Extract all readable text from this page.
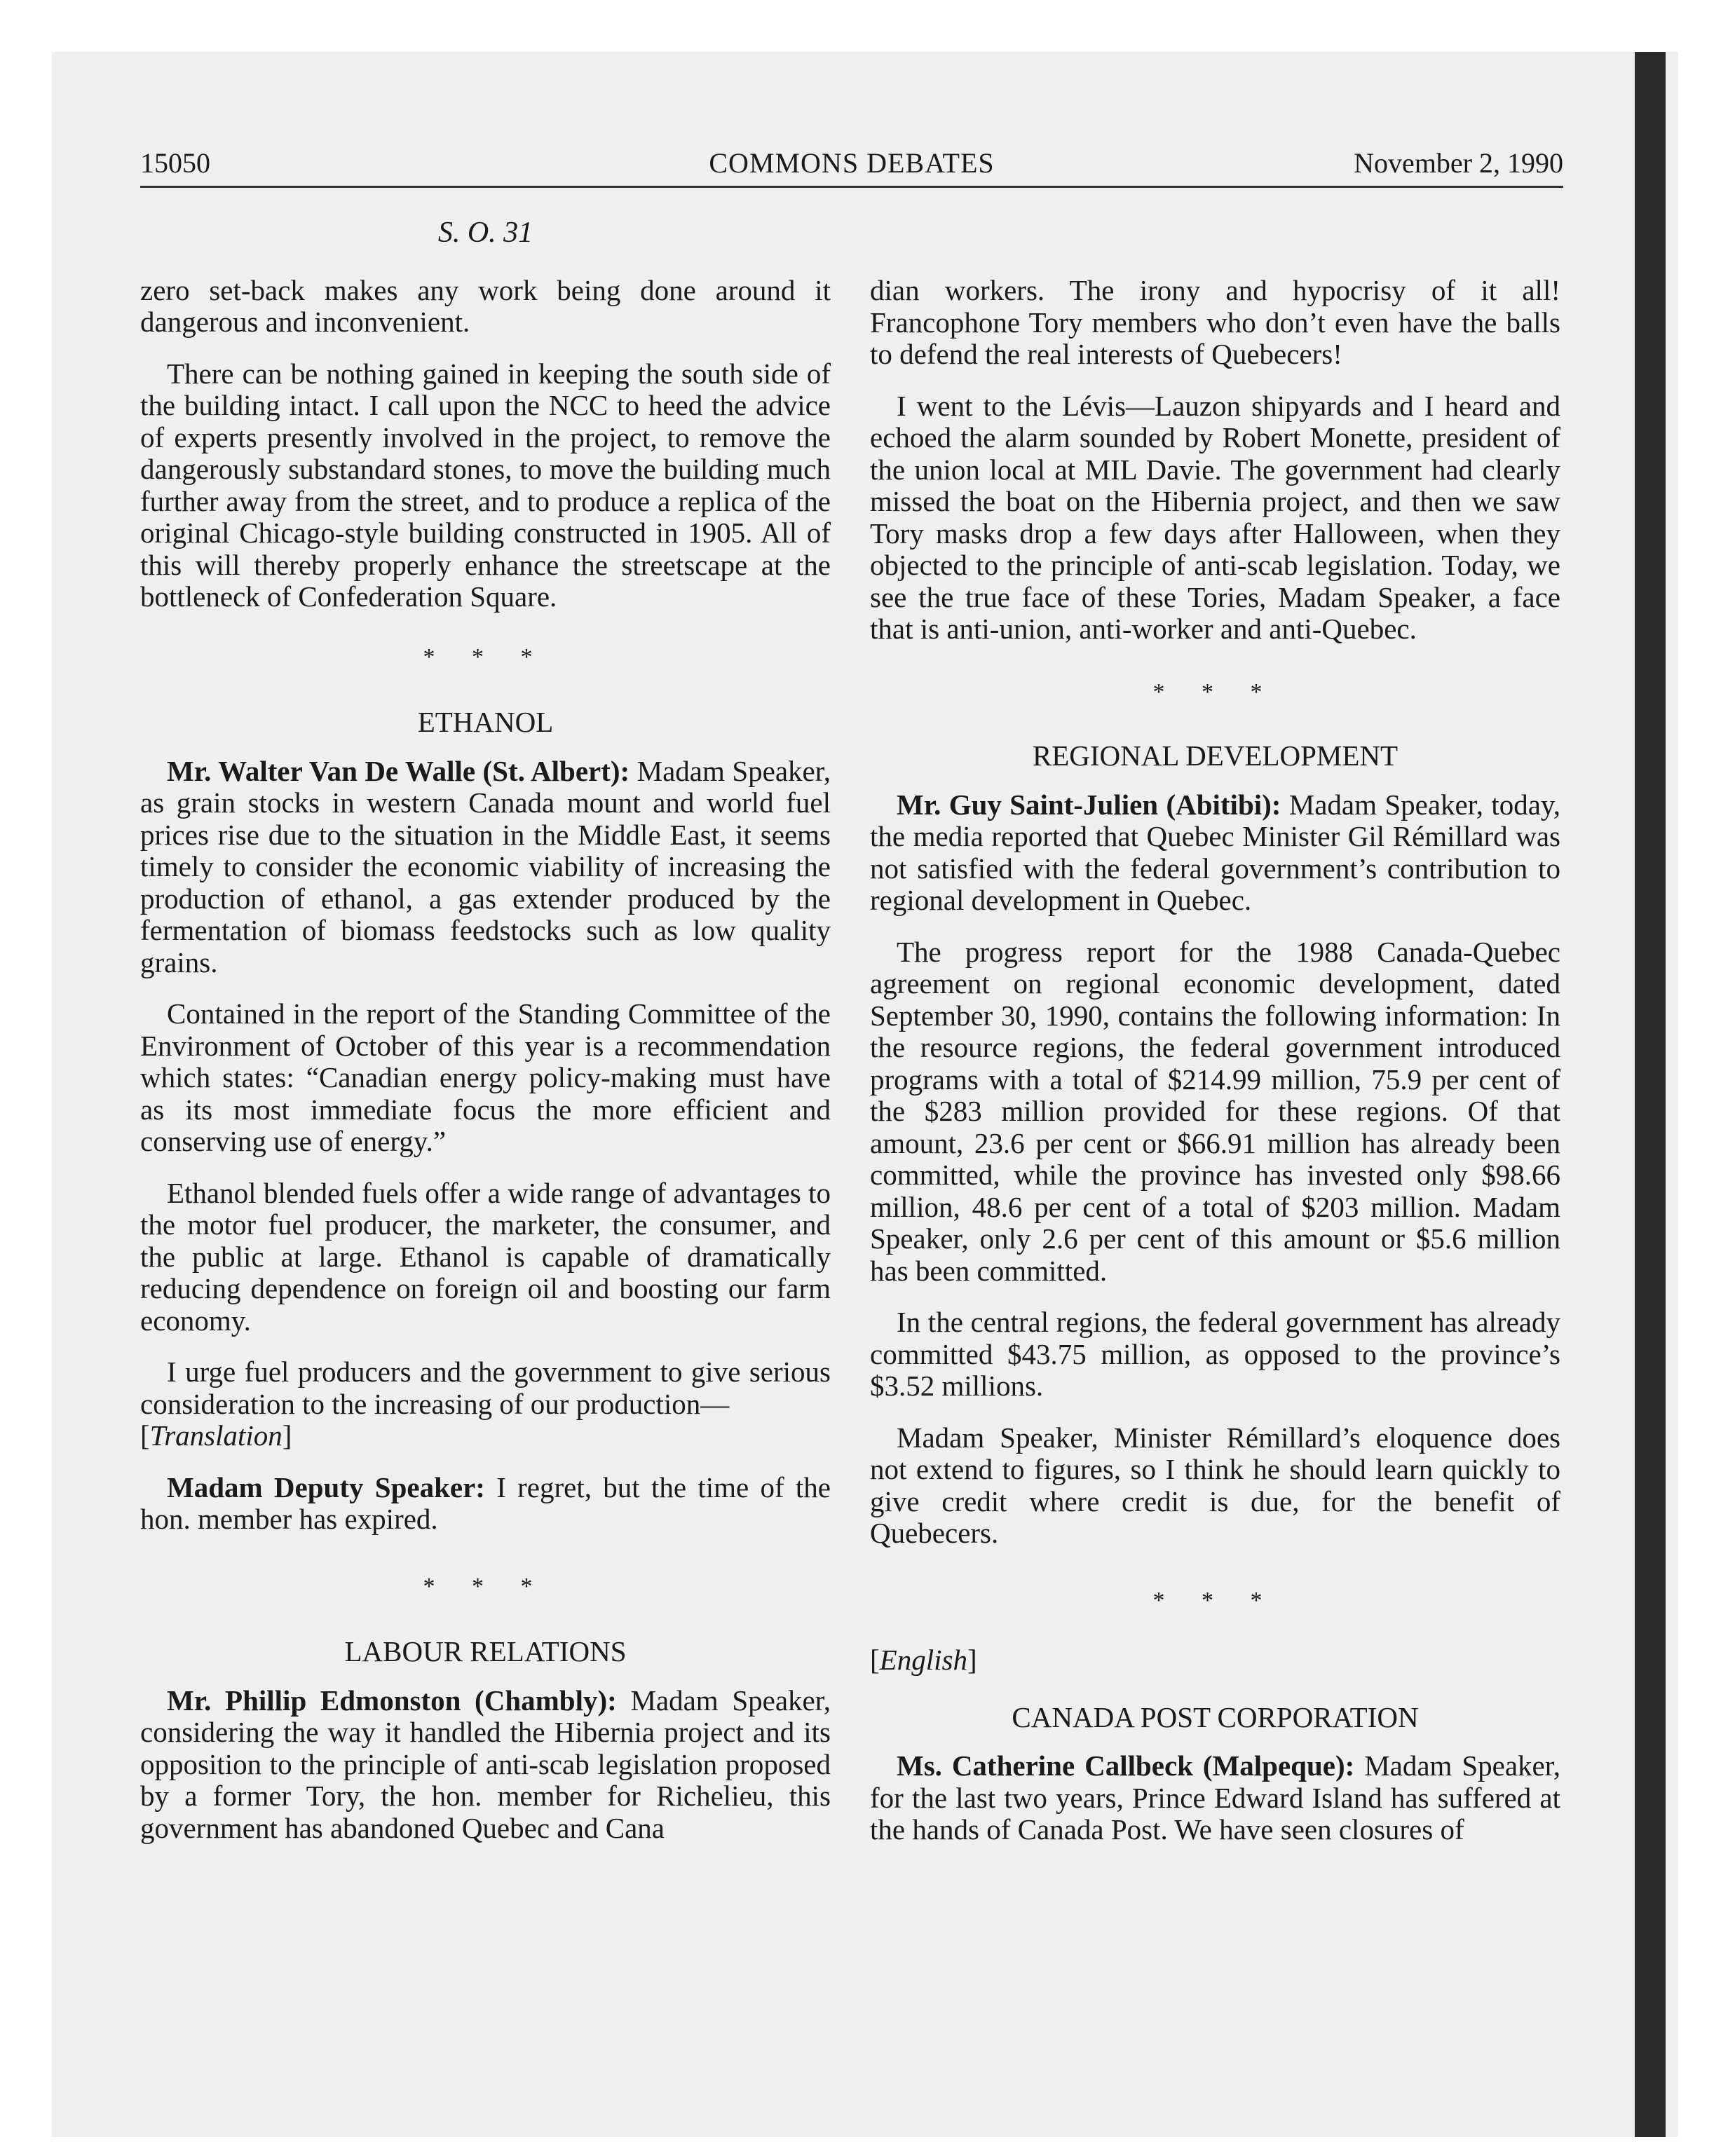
15050	COMMONS DEBATES	November 2, 1990

S. O. 31

zero set-back makes any work being done around it dangerous and inconvenient.

There can be nothing gained in keeping the south side of the building intact. I call upon the NCC to heed the advice of experts presently involved in the project, to remove the dangerously substandard stones, to move the building much further away from the street, and to produce a replica of the original Chicago-style building constructed in 1905. All of this will thereby properly enhance the streetscape at the bottleneck of Confederation Square.

* * *

ETHANOL

Mr. Walter Van De Walle (St. Albert): Madam Speaker, as grain stocks in western Canada mount and world fuel prices rise due to the situation in the Middle East, it seems timely to consider the economic viability of increasing the production of ethanol, a gas extender produced by the fermentation of biomass feedstocks such as low quality grains.

Contained in the report of the Standing Committee of the Environment of October of this year is a recommendation which states: “Canadian energy policy-making must have as its most immediate focus the more efficient and conserving use of energy.”

Ethanol blended fuels offer a wide range of advantages to the motor fuel producer, the marketer, the consumer, and the public at large. Ethanol is capable of dramatically reducing dependence on foreign oil and boosting our farm economy.

I urge fuel producers and the government to give serious consideration to the increasing of our production—

[Translation]

Madam Deputy Speaker: I regret, but the time of the hon. member has expired.

* * *

LABOUR RELATIONS

Mr. Phillip Edmonston (Chambly): Madam Speaker, considering the way it handled the Hibernia project and its opposition to the principle of anti-scab legislation proposed by a former Tory, the hon. member for Richelieu, this government has abandoned Quebec and Cana

dian workers. The irony and hypocrisy of it all! Francophone Tory members who don’t even have the balls to defend the real interests of Quebecers!

I went to the Lévis—Lauzon shipyards and I heard and echoed the alarm sounded by Robert Monette, president of the union local at MIL Davie. The government had clearly missed the boat on the Hibernia project, and then we saw Tory masks drop a few days after Halloween, when they objected to the principle of anti-scab legislation. Today, we see the true face of these Tories, Madam Speaker, a face that is anti-union, anti-worker and anti-Quebec.

* * *

REGIONAL DEVELOPMENT

Mr. Guy Saint-Julien (Abitibi): Madam Speaker, today, the media reported that Quebec Minister Gil Rémillard was not satisfied with the federal government’s contribution to regional development in Quebec.

The progress report for the 1988 Canada-Quebec agreement on regional economic development, dated September 30, 1990, contains the following information: In the resource regions, the federal government introduced programs with a total of $214.99 million, 75.9 per cent of the $283 million provided for these regions. Of that amount, 23.6 per cent or $66.91 million has already been committed, while the province has invested only $98.66 million, 48.6 per cent of a total of $203 million. Madam Speaker, only 2.6 per cent of this amount or $5.6 million has been committed.

In the central regions, the federal government has already committed $43.75 million, as opposed to the province’s $3.52 millions.

Madam Speaker, Minister Rémillard’s eloquence does not extend to figures, so I think he should learn quickly to give credit where credit is due, for the benefit of Quebecers.

* * *

[English]

CANADA POST CORPORATION

Ms. Catherine Callbeck (Malpeque): Madam Speaker, for the last two years, Prince Edward Island has suffered at the hands of Canada Post. We have seen closures of
